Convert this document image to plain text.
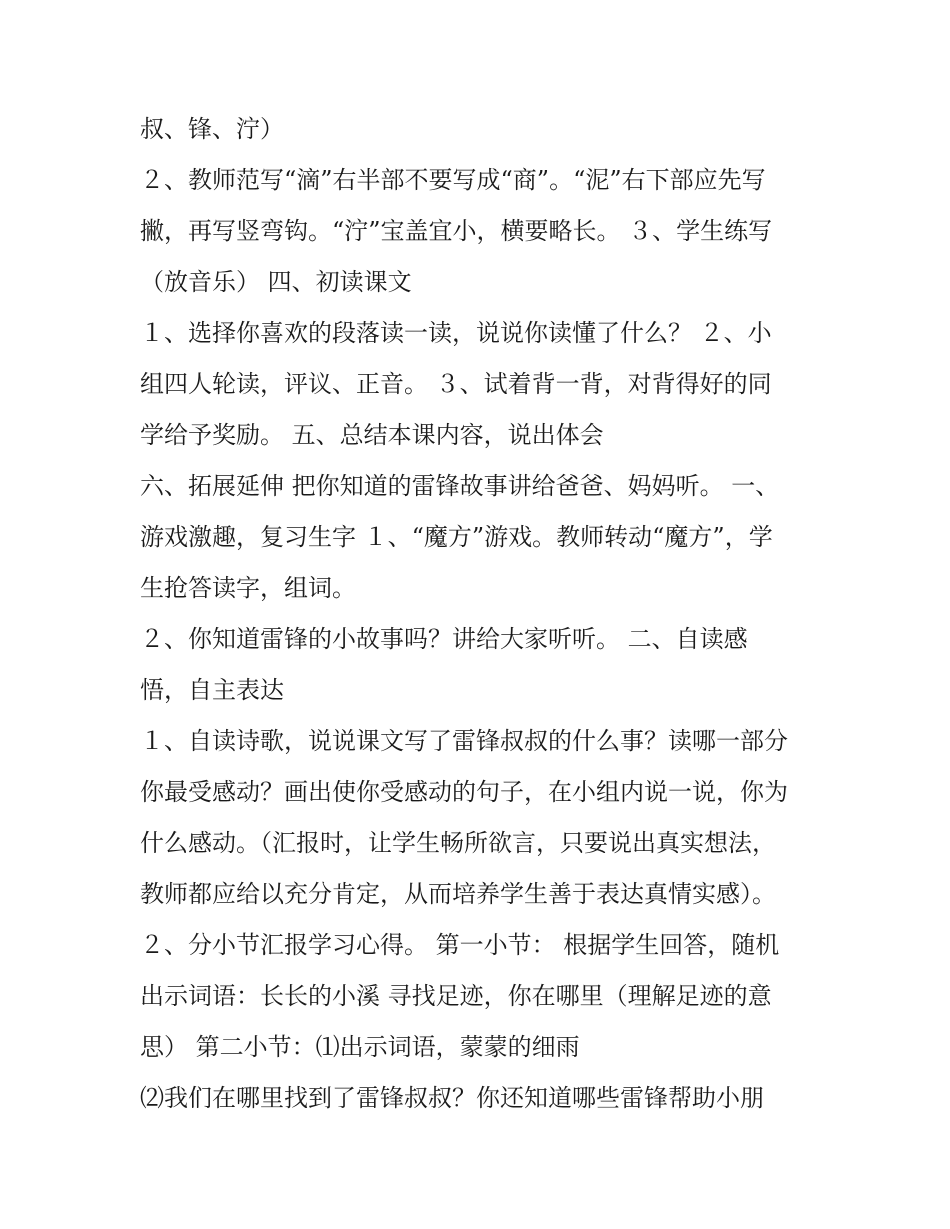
叔、锋、泞）
２、教师范写“滴”右半部不要写成“商”。“泥”右下部应先写
撇，再写竖弯钩。“泞”宝盖宜小，横要略长。 ３、学生练写
（放音乐） 四、初读课文
１、选择你喜欢的段落读一读，说说你读懂了什么？ ２、小
组四人轮读，评议、正音。 ３、试着背一背，对背得好的同
学给予奖励。 五、总结本课内容，说出体会
六、拓展延伸 把你知道的雷锋故事讲给爸爸、妈妈听。 一、
游戏激趣，复习生字 １、“魔方”游戏。教师转动“魔方”，学
生抢答读字，组词。
２、你知道雷锋的小故事吗？讲给大家听听。 二、自读感
悟，自主表达
１、自读诗歌，说说课文写了雷锋叔叔的什么事？读哪一部分
你最受感动？画出使你受感动的句子，在小组内说一说，你为
什么感动。（汇报时，让学生畅所欲言，只要说出真实想法，
教师都应给以充分肯定，从而培养学生善于表达真情实感）。
２、分小节汇报学习心得。 第一小节： 根据学生回答，随机
出示词语：长长的小溪 寻找足迹，你在哪里（理解足迹的意
思） 第二小节：⑴出示词语，蒙蒙的细雨
⑵我们在哪里找到了雷锋叔叔？你还知道哪些雷锋帮助小朋
